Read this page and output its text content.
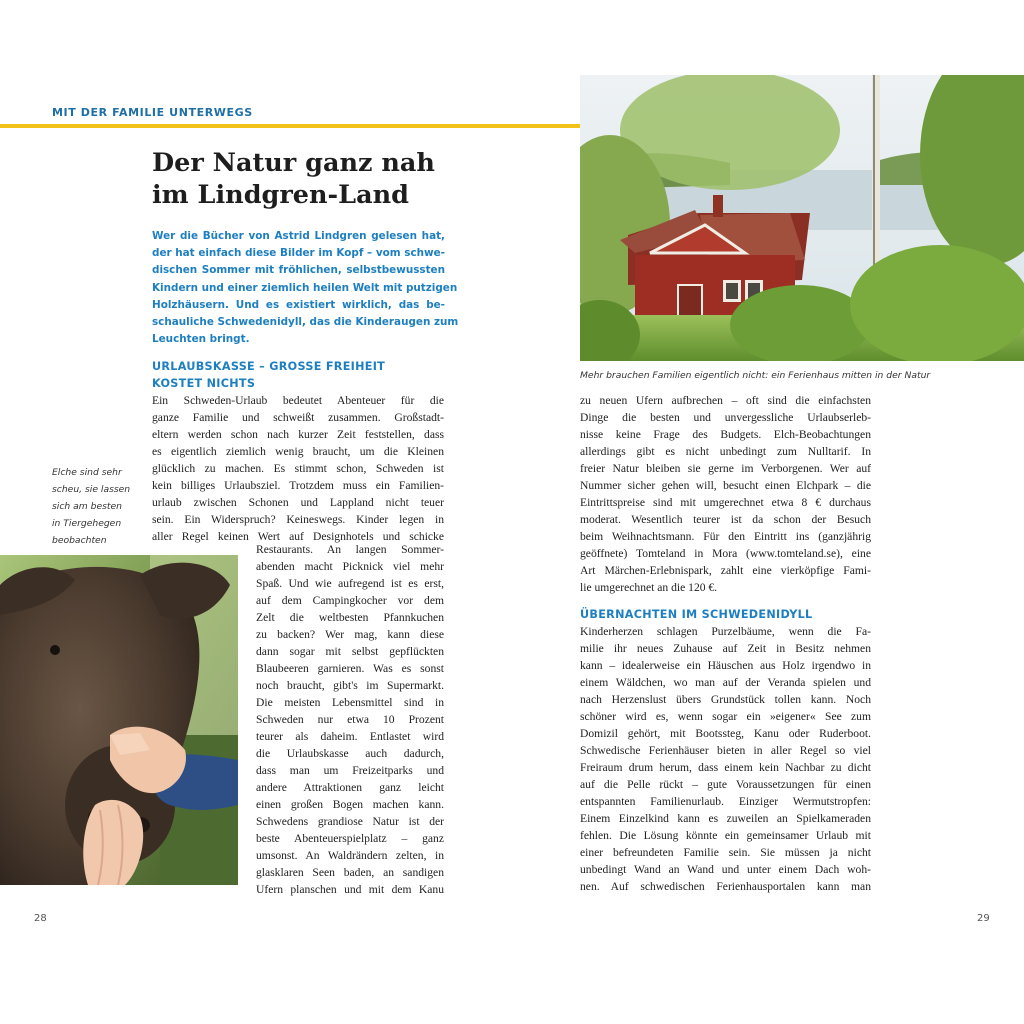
MIT DER FAMILIE UNTERWEGS
Der Natur ganz nah
im Lindgren-Land
Wer die Bücher von Astrid Lindgren gelesen hat,
der hat einfach diese Bilder im Kopf – vom schwe-
dischen Sommer mit fröhlichen, selbstbewussten
Kindern und einer ziemlich heilen Welt mit putzigen
Holzhäusern. Und es existiert wirklich, das be-
schauliche Schwedenidyll, das die Kinderaugen zum
Leuchten bringt.
URLAUBSKASSE – GROSSE FREIHEIT
KOSTET NICHTS
Ein Schweden-Urlaub bedeutet Abenteuer für die
ganze Familie und schweißt zusammen. Großstadt-
eltern werden schon nach kurzer Zeit feststellen, dass
es eigentlich ziemlich wenig braucht, um die Kleinen
glücklich zu machen. Es stimmt schon, Schweden ist
kein billiges Urlaubsziel. Trotzdem muss ein Familien-
urlaub zwischen Schonen und Lappland nicht teuer
sein. Ein Widerspruch? Keineswegs. Kinder legen in
aller Regel keinen Wert auf Designhotels und schicke
Restaurants. An langen Sommer-
abenden macht Picknick viel mehr
Spaß. Und wie aufregend ist es erst,
auf dem Campingkocher vor dem
Zelt die weltbesten Pfannkuchen
zu backen? Wer mag, kann diese
dann sogar mit selbst gepflückten
Blaubeeren garnieren. Was es sonst
noch braucht, gibt's im Supermarkt.
Die meisten Lebensmittel sind in
Schweden nur etwa 10 Prozent
teurer als daheim. Entlastet wird
die Urlaubskasse auch dadurch,
dass man um Freizeitparks und
andere Attraktionen ganz leicht
einen großen Bogen machen kann.
Schwedens grandiose Natur ist der
beste Abenteuerspielplatz – ganz
umsonst. An Waldrändern zelten, in
glasklaren Seen baden, an sandigen
Ufern planschen und mit dem Kanu
Elche sind sehr
scheu, sie lassen
sich am besten
in Tiergehegen
beobachten
Mehr brauchen Familien eigentlich nicht: ein Ferienhaus mitten in der Natur
zu neuen Ufern aufbrechen – oft sind die einfachsten
Dinge die besten und unvergessliche Urlaubserleb-
nisse keine Frage des Budgets. Elch-Beobachtungen
allerdings gibt es nicht unbedingt zum Nulltarif. In
freier Natur bleiben sie gerne im Verborgenen. Wer auf
Nummer sicher gehen will, besucht einen Elchpark – die
Eintrittspreise sind mit umgerechnet etwa 8 € durchaus
moderat. Wesentlich teurer ist da schon der Besuch
beim Weihnachtsmann. Für den Eintritt ins (ganzjährig
geöffnete) Tomteland in Mora (www.tomteland.se), eine
Art Märchen-Erlebnispark, zahlt eine vierköpfige Fami-
lie umgerechnet an die 120 €.
ÜBERNACHTEN IM SCHWEDENIDYLL
Kinderherzen schlagen Purzelbäume, wenn die Fa-
milie ihr neues Zuhause auf Zeit in Besitz nehmen
kann – idealerweise ein Häuschen aus Holz irgendwo in
einem Wäldchen, wo man auf der Veranda spielen und
nach Herzenslust übers Grundstück tollen kann. Noch
schöner wird es, wenn sogar ein »eigener« See zum
Domizil gehört, mit Bootssteg, Kanu oder Ruderboot.
Schwedische Ferienhäuser bieten in aller Regel so viel
Freiraum drum herum, dass einem kein Nachbar zu dicht
auf die Pelle rückt – gute Voraussetzungen für einen
entspannten Familienurlaub. Einziger Wermutstropfen:
Einem Einzelkind kann es zuweilen an Spielkameraden
fehlen. Die Lösung könnte ein gemeinsamer Urlaub mit
einer befreundeten Familie sein. Sie müssen ja nicht
unbedingt Wand an Wand und unter einem Dach woh-
nen. Auf schwedischen Ferienhausportalen kann man
28	29
